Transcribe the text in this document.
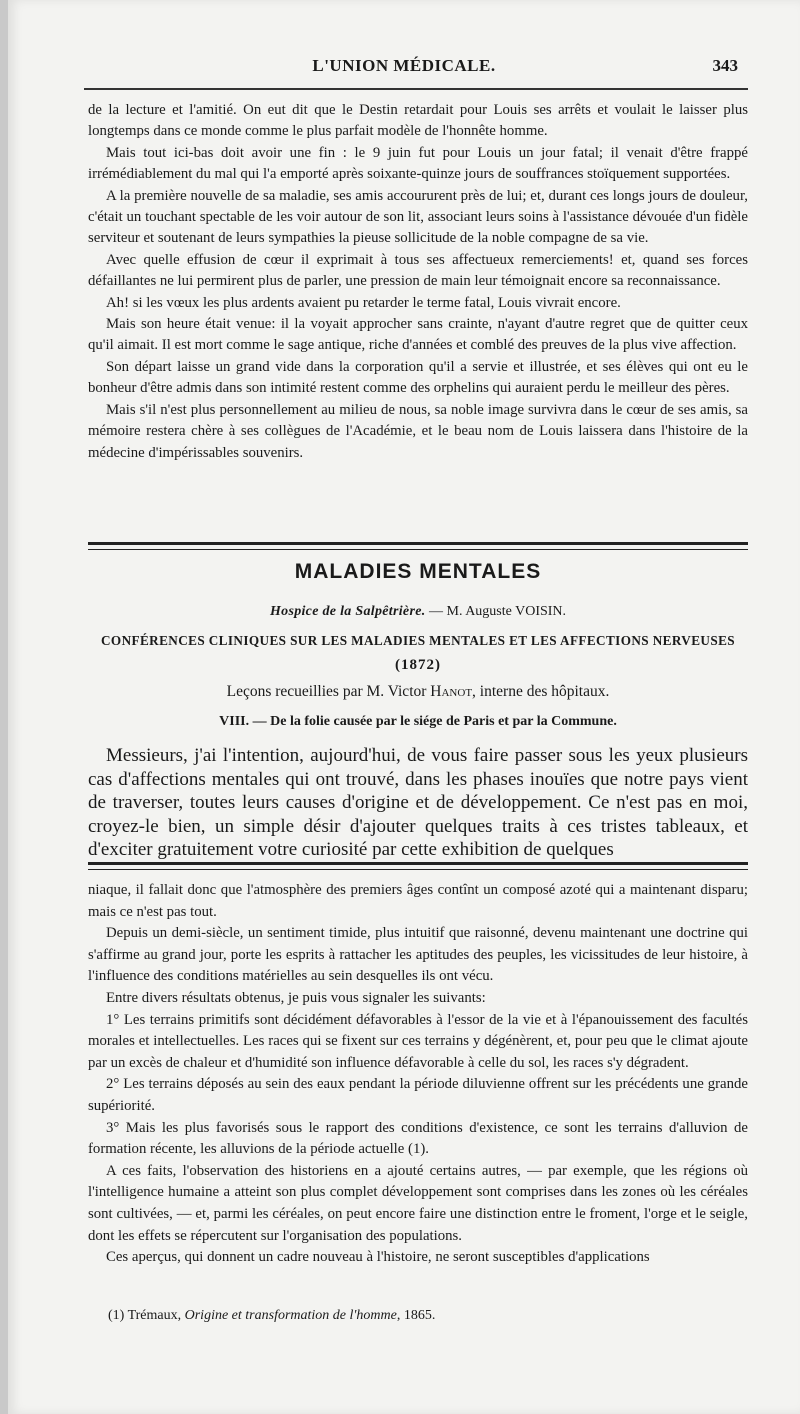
L'UNION MÉDICALE.	343

de la lecture et l'amitié. On eut dit que le Destin retardait pour Louis ses arrêts et voulait le laisser plus longtemps dans ce monde comme le plus parfait modèle de l'honnête homme.

Mais tout ici-bas doit avoir une fin : le 9 juin fut pour Louis un jour fatal; il venait d'être frappé irrémédiablement du mal qui l'a emporté après soixante-quinze jours de souffrances stoïquement supportées.

A la première nouvelle de sa maladie, ses amis accoururent près de lui; et, durant ces longs jours de douleur, c'était un touchant spectable de les voir autour de son lit, associant leurs soins à l'assistance dévouée d'un fidèle serviteur et soutenant de leurs sympathies la pieuse sollicitude de la noble compagne de sa vie.

Avec quelle effusion de cœur il exprimait à tous ses affectueux remerciements! et, quand ses forces défaillantes ne lui permirent plus de parler, une pression de main leur témoignait encore sa reconnaissance.

Ah! si les vœux les plus ardents avaient pu retarder le terme fatal, Louis vivrait encore.

Mais son heure était venue: il la voyait approcher sans crainte, n'ayant d'autre regret que de quitter ceux qu'il aimait. Il est mort comme le sage antique, riche d'années et comblé des preuves de la plus vive affection.

Son départ laisse un grand vide dans la corporation qu'il a servie et illustrée, et ses élèves qui ont eu le bonheur d'être admis dans son intimité restent comme des orphelins qui auraient perdu le meilleur des pères.

Mais s'il n'est plus personnellement au milieu de nous, sa noble image survivra dans le cœur de ses amis, sa mémoire restera chère à ses collègues de l'Académie, et le beau nom de Louis laissera dans l'histoire de la médecine d'impérissables souvenirs.

MALADIES MENTALES
Hospice de la Salpêtrière. — M. Auguste VOISIN.
CONFÉRENCES CLINIQUES SUR LES MALADIES MENTALES ET LES AFFECTIONS NERVEUSES
(1872)
Leçons recueillies par M. Victor Hanot, interne des hôpitaux.
VIII. — De la folie causée par le siége de Paris et par la Commune.

Messieurs, j'ai l'intention, aujourd'hui, de vous faire passer sous les yeux plusieurs cas d'affections mentales qui ont trouvé, dans les phases inouïes que notre pays vient de traverser, toutes leurs causes d'origine et de développement. Ce n'est pas en moi, croyez-le bien, un simple désir d'ajouter quelques traits à ces tristes tableaux, et d'exciter gratuitement votre curiosité par cette exhibition de quelques

niaque, il fallait donc que l'atmosphère des premiers âges contînt un composé azoté qui a maintenant disparu; mais ce n'est pas tout.

Depuis un demi-siècle, un sentiment timide, plus intuitif que raisonné, devenu maintenant une doctrine qui s'affirme au grand jour, porte les esprits à rattacher les aptitudes des peuples, les vicissitudes de leur histoire, à l'influence des conditions matérielles au sein desquelles ils ont vécu.

Entre divers résultats obtenus, je puis vous signaler les suivants:

1° Les terrains primitifs sont décidément défavorables à l'essor de la vie et à l'épanouissement des facultés morales et intellectuelles. Les races qui se fixent sur ces terrains y dégénèrent, et, pour peu que le climat ajoute par un excès de chaleur et d'humidité son influence défavorable à celle du sol, les races s'y dégradent.

2° Les terrains déposés au sein des eaux pendant la période diluvienne offrent sur les précédents une grande supériorité.

3° Mais les plus favorisés sous le rapport des conditions d'existence, ce sont les terrains d'alluvion de formation récente, les alluvions de la période actuelle (1).

A ces faits, l'observation des historiens en a ajouté certains autres, — par exemple, que les régions où l'intelligence humaine a atteint son plus complet développement sont comprises dans les zones où les céréales sont cultivées, — et, parmi les céréales, on peut encore faire une distinction entre le froment, l'orge et le seigle, dont les effets se répercutent sur l'organisation des populations.

Ces aperçus, qui donnent un cadre nouveau à l'histoire, ne seront susceptibles d'applications

(1) Trémaux, Origine et transformation de l'homme, 1865.
